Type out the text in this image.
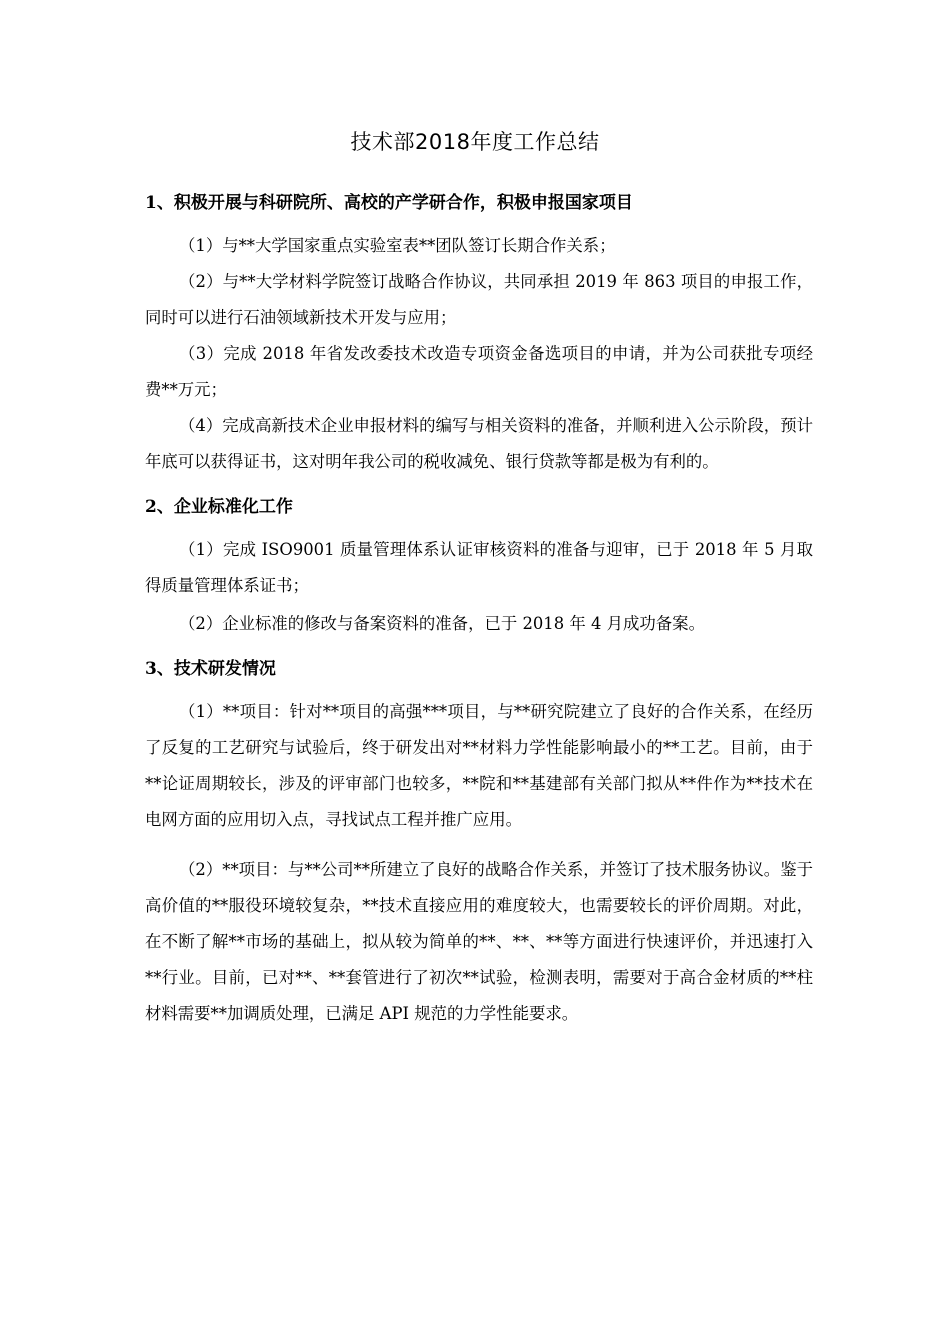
技术部2018年度工作总结
1、积极开展与科研院所、高校的产学研合作，积极申报国家项目

（1）与**大学国家重点实验室表**团队签订长期合作关系；

（2）与**大学材料学院签订战略合作协议，共同承担 2019 年 863 项目的申报工作，同时可以进行石油领域新技术开发与应用；

（3）完成 2018 年省发改委技术改造专项资金备选项目的申请，并为公司获批专项经费**万元；

（4）完成高新技术企业申报材料的编写与相关资料的准备，并顺利进入公示阶段，预计年底可以获得证书，这对明年我公司的税收减免、银行贷款等都是极为有利的。

2、企业标准化工作

（1）完成 ISO9001 质量管理体系认证审核资料的准备与迎审，已于 2018 年 5 月取得质量管理体系证书；

（2）企业标准的修改与备案资料的准备，已于 2018 年 4 月成功备案。

3、技术研发情况

（1）**项目：针对**项目的高强***项目，与**研究院建立了良好的合作关系，在经历了反复的工艺研究与试验后，终于研发出对**材料力学性能影响最小的**工艺。目前，由于**论证周期较长，涉及的评审部门也较多，**院和**基建部有关部门拟从**件作为**技术在电网方面的应用切入点，寻找试点工程并推广应用。

（2）**项目：与**公司**所建立了良好的战略合作关系，并签订了技术服务协议。鉴于高价值的**服役环境较复杂，**技术直接应用的难度较大，也需要较长的评价周期。对此，在不断了解**市场的基础上，拟从较为简单的**、**、**等方面进行快速评价，并迅速打入**行业。目前，已对**、**套管进行了初次**试验，检测表明，需要对于高合金材质的**柱材料需要**加调质处理，已满足 API 规范的力学性能要求。
